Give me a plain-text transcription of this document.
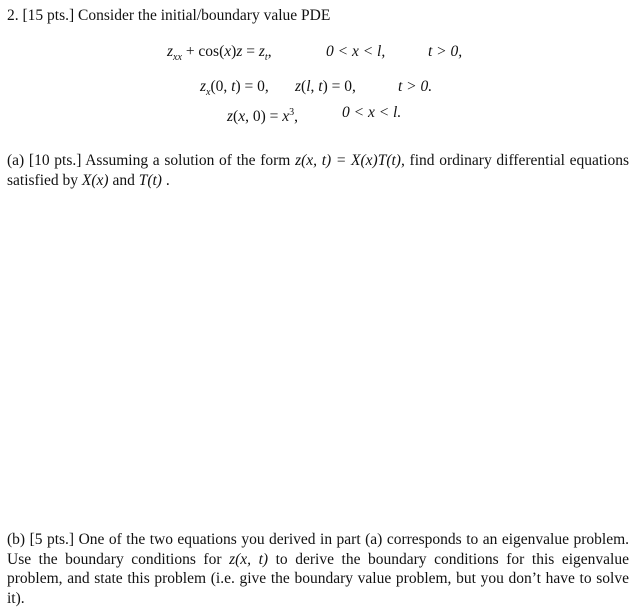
2. [15 pts.] Consider the initial/boundary value PDE
$z_{xx} + \cos(x)z = z_t$,	0 < x < l,	t > 0,
$z_x(0$, t) = 0, z(l, t) = 0,	t > 0.
z(x, $0) = x^3$,	0 < x < l.
(a) [10 pts.] Assuming a solution of the form z(x, t) = X(x)T(t), find ordinary differential equations satisfied by X(x) and T(t) .
(b) [5 pts.] One of the two equations you derived in part (a) corresponds to an eigenvalue problem. Use the boundary conditions for z(x, t) to derive the boundary conditions for this eigenvalue problem, and state this problem (i.e. give the boundary value problem, but you don’t have to solve it).
